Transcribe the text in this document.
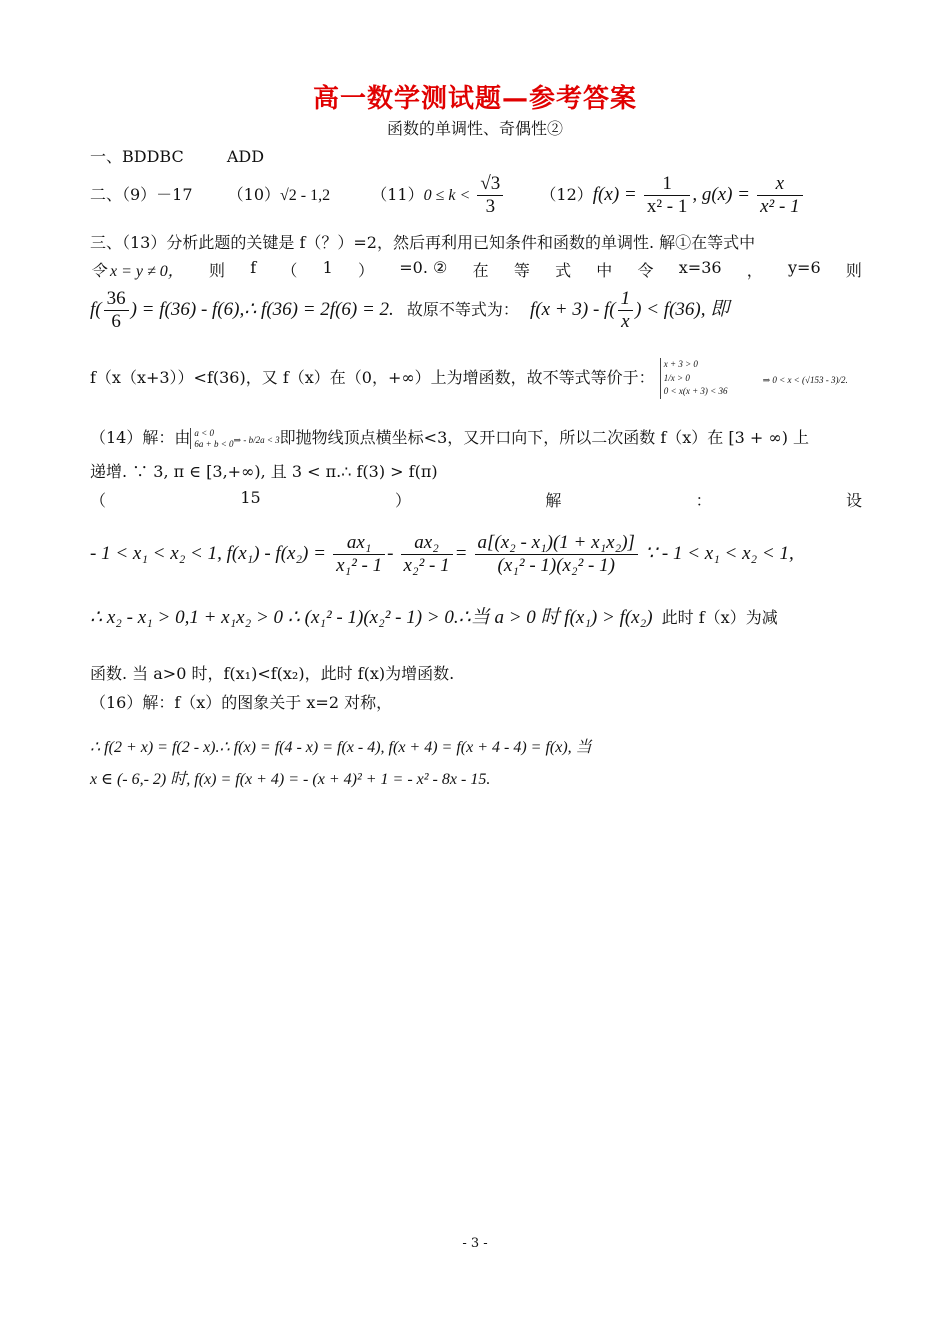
高一数学测试题—参考答案
函数的单调性、奇偶性②
一、BDDBC	ADD
二、（9）－17 （10）√2 - 1,2	$(11)0 \le k < \frac{√3}{3} (12)f(x) = \frac{1}{\text{x² - 1}}$ , $g(x) = \frac{x}{\text{x² - 1}}$
三、（13）分析此题的关键是 f（？）=2，然后再利用已知条件和函数的单调性. 解①在等式中
令 x = y ≠ 0， 则 f （ 1 ） =0. ② 在 等 式 中 令 x=36 ， y=6 则
$f( \frac{36}{6}$ ) = f(36) - f(6),∴ f(36) = 2f(6) = 2. 故原不等式为： $f(x + 3) - f( \frac{1}{x}$ ) < f(36), 即
f（x（x+3））<f(36)，又 f（x）在（0，+∞）上为增函数，故不等式等价于： x + 3 > 0
1/x > 0
0 < x(x + 3) < 36 ⇒ 0 < x < (√153 - 3)/2.
（14）解：由 a < 0
6a + b < 0⇒ - b/2a < 3即抛物线顶点横坐标<3，又开口向下，所以二次函数 f（x）在 [3 + ∞) 上
递增. ∵ 3, π ∈ [3,+∞), 且 3 < π.∴ f(3) > f(π)
（	15	）	解	：	设
- 1 < x₁ < x₂ < 1, $f(x_1) - f(x_2) = \frac{\text{ax₁}}{\text{x₁² - 1}} - \frac{\text{ax₂}}{\text{x₂² - 1}} = \frac{\text{a[(x₂ - x₁)(1 + x₁x₂)]}}{\text{(x₁² - 1)(x₂² - 1)}}$ ∵ - 1 < x₁ < x₂ < 1,
∴ x₂ - x₁ > 0,1 + x₁x₂ > 0 ∴ (x₁² - 1)(x₂² - 1) > 0.∴当 a > 0 时 f(x₁) > f(x₂) 此时 f（x）为减
函数. 当 a>0 时，f(x₁)<f(x₂)，此时 f(x)为增函数.
（16）解：f（x）的图象关于 x=2 对称，
∴ f(2 + x) = f(2 - x).∴ f(x) = f(4 - x) = f(x - 4), f(x + 4) = f(x + 4 - 4) = f(x), 当
x ∈ (- 6,- 2) 时, f(x) = f(x + 4) = - (x + 4)² + 1 = - x² - 8x - 15.
- 3 -
